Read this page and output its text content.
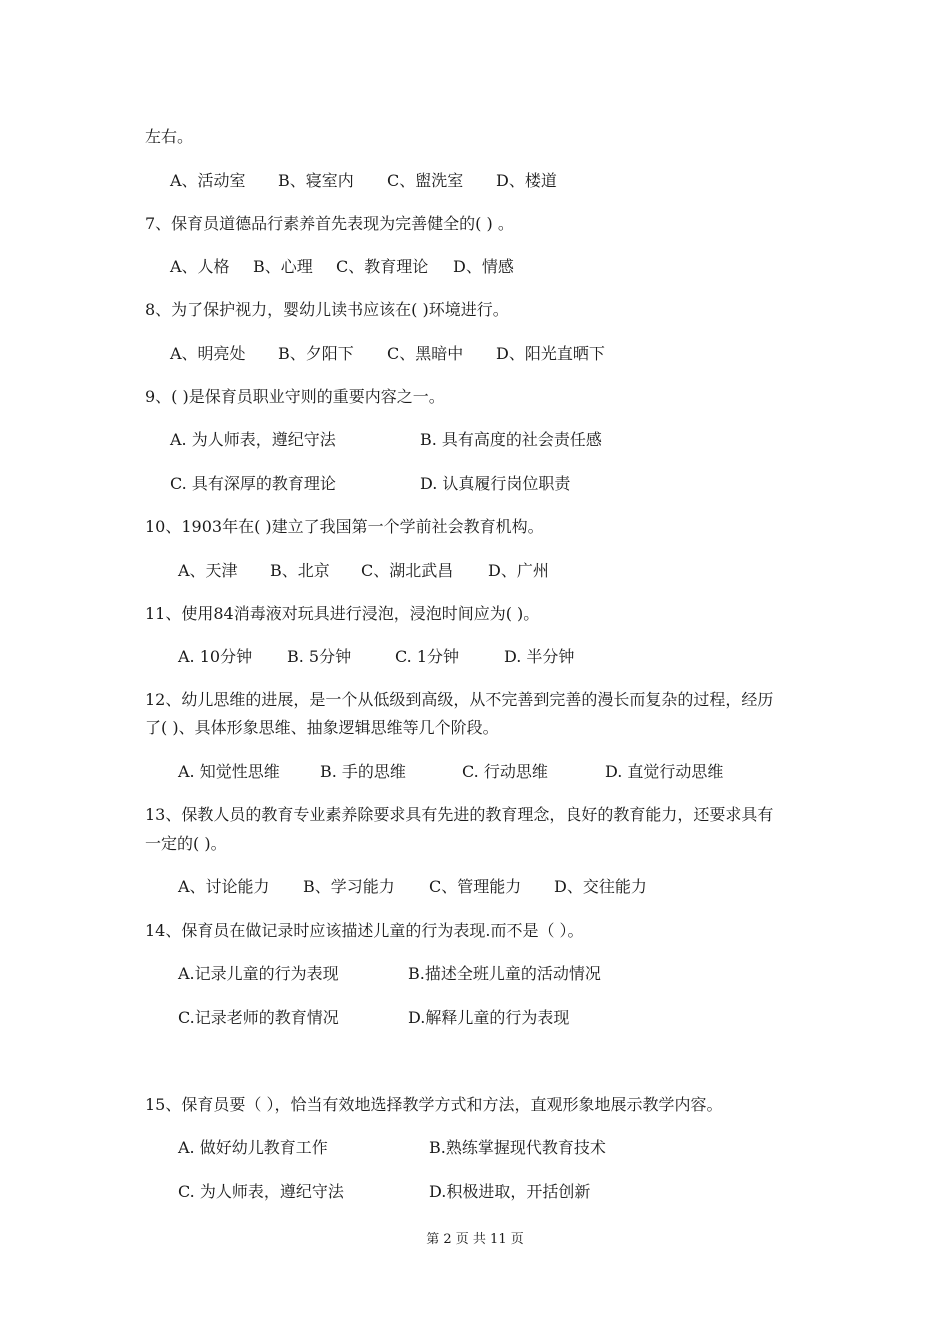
左右。
A、活动室 B、寝室内 C、盥洗室 D、楼道
7、保育员道德品行素养首先表现为完善健全的( ) 。
A、人格 B、心理 C、教育理论 D、情感
8、为了保护视力，婴幼儿读书应该在( )环境进行。
A、明亮处 B、夕阳下 C、黑暗中 D、阳光直晒下
9、( )是保育员职业守则的重要内容之一。
A. 为人师表，遵纪守法	B. 具有高度的社会责任感
C. 具有深厚的教育理论	D. 认真履行岗位职责
10、1903年在( )建立了我国第一个学前社会教育机构。
A、天津 B、北京 C、湖北武昌 D、广州
11、使用84消毒液对玩具进行浸泡，浸泡时间应为( )。
A. 10分钟 B. 5分钟	C. 1分钟	D. 半分钟
12、幼儿思维的进展，是一个从低级到高级，从不完善到完善的漫长而复杂的过程，经历
了( )、具体形象思维、抽象逻辑思维等几个阶段。
A. 知觉性思维	B. 手的思维	C. 行动思维	D. 直觉行动思维
13、保教人员的教育专业素养除要求具有先进的教育理念，良好的教育能力，还要求具有
一定的( )。
A、讨论能力 B、学习能力 C、管理能力 D、交往能力
14、保育员在做记录时应该描述儿童的行为表现.而不是（ ）。
A.记录儿童的行为表现	B.描述全班儿童的活动情况
C.记录老师的教育情况	D.解释儿童的行为表现
15、保育员要（ ），恰当有效地选择教学方式和方法，直观形象地展示教学内容。
A. 做好幼儿教育工作	B.熟练掌握现代教育技术
C. 为人师表，遵纪守法	D.积极进取，开括创新
第 2 页 共 11 页
